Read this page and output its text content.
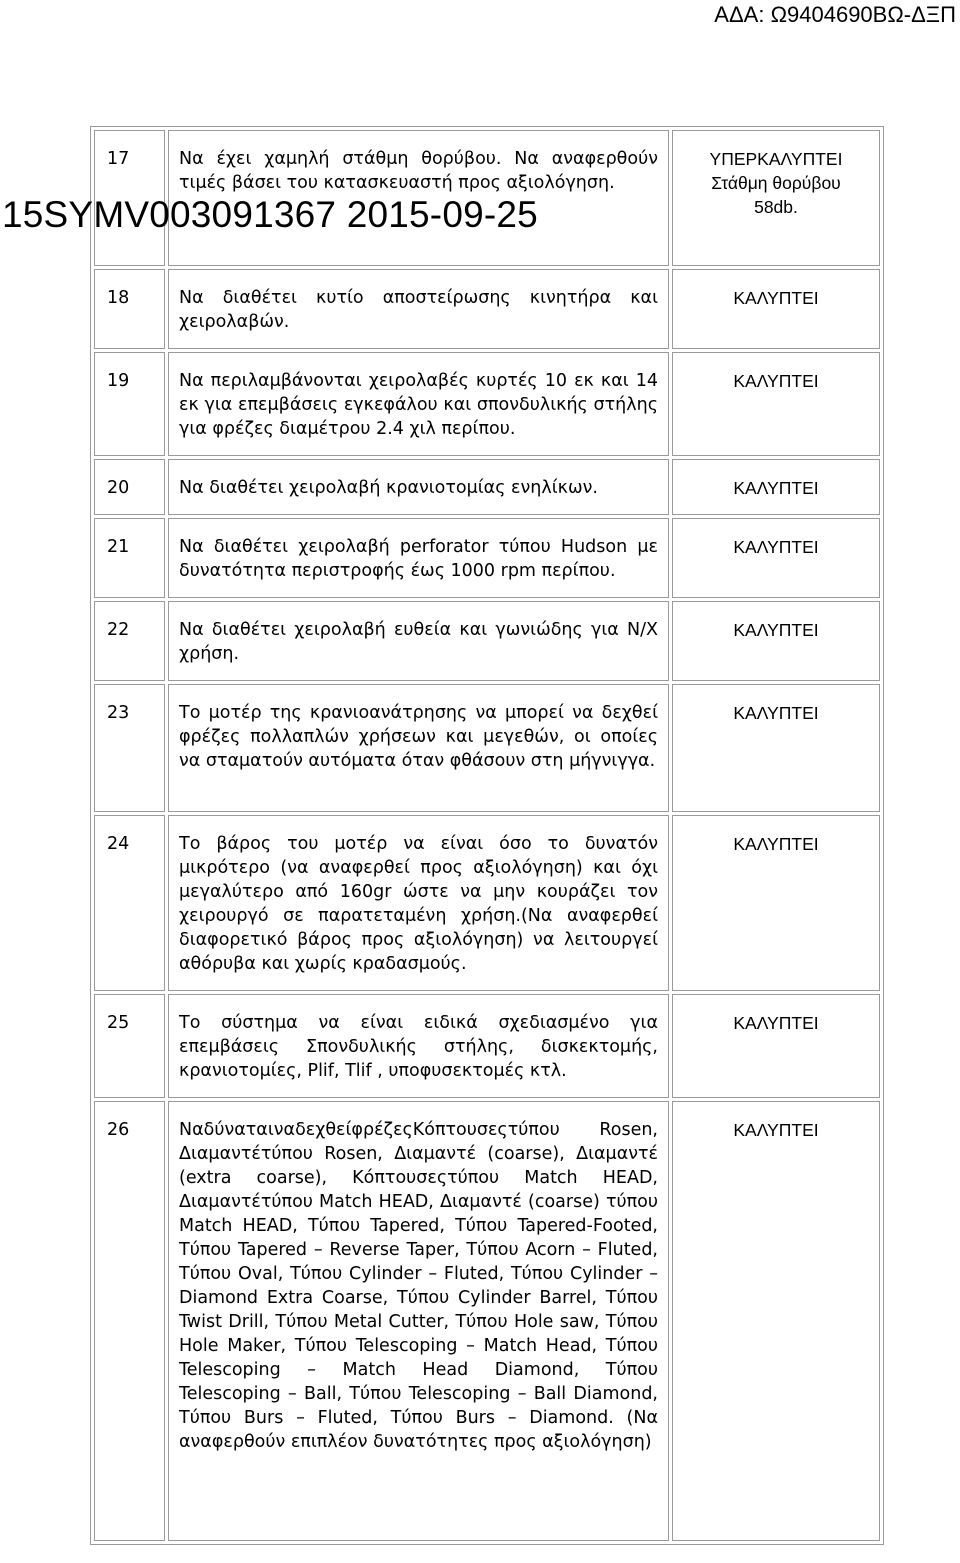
ΑΔΑ: Ω9404690ΒΩ-ΔΞΠ
15SYMV003091367 2015-09-25
17	Να έχει χαμηλή στάθμη θορύβου. Να αναφερθούν τιμές βάσει του κατασκευαστή προς αξιολόγηση.	ΥΠΕΡΚΑΛΥΠΤΕΙ
Στάθμη θορύβου
58db.

18	Να διαθέτει κυτίο αποστείρωσης κινητήρα και χειρολαβών.	ΚΑΛΥΠΤΕΙ

19	Να περιλαμβάνονται χειρολαβές κυρτές 10 εκ και 14 εκ για επεμβάσεις εγκεφάλου και σπονδυλικής στήλης για φρέζες διαμέτρου 2.4 χιλ περίπου.	ΚΑΛΥΠΤΕΙ

20	Να διαθέτει χειρολαβή κρανιοτομίας ενηλίκων.	ΚΑΛΥΠΤΕΙ

21	Να διαθέτει χειρολαβή perforator τύπου Hudson με δυνατότητα περιστροφής έως 1000 rpm περίπου.	ΚΑΛΥΠΤΕΙ

22	Να διαθέτει χειρολαβή ευθεία και γωνιώδης για Ν/Χ χρήση.	ΚΑΛΥΠΤΕΙ

23	Το μοτέρ της κρανιοανάτρησης να μπορεί να δεχθεί φρέζες πολλαπλών χρήσεων και μεγεθών, οι οποίες να σταματούν αυτόματα όταν φθάσουν στη μήγνιγγα.	ΚΑΛΥΠΤΕΙ

24	Το βάρος του μοτέρ να είναι όσο το δυνατόν μικρότερο (να αναφερθεί προς αξιολόγηση) και όχι μεγαλύτερο από 160gr ώστε να μην κουράζει τον χειρουργό σε παρατεταμένη χρήση.(Να αναφερθεί διαφορετικό βάρος προς αξιολόγηση) να λειτουργεί αθόρυβα και χωρίς κραδασμούς.	ΚΑΛΥΠΤΕΙ

25	Το σύστημα να είναι ειδικά σχεδιασμένο για επεμβάσεις Σπονδυλικής στήλης, δισκεκτομής, κρανιοτομίες, Plif, Tlif , υποφυσεκτομές κτλ.	ΚΑΛΥΠΤΕΙ

26	ΝαδύναταιναδεχθείφρέζεςΚόπτουσεςτύπου Rosen, Διαμαντέτύπου Rosen, Διαμαντέ (coarse), Διαμαντέ (extra coarse), Κόπτουσεςτύπου Match HEAD, Διαμαντέτύπου Match HEAD, Διαμαντέ (coarse) τύπου Match HEAD, Τύπου Tapered, Τύπου Tapered-Footed, Τύπου Tapered – Reverse Taper, Τύπου Acorn – Fluted, Τύπου Oval, Τύπου Cylinder – Fluted, Τύπου Cylinder – Diamond Extra Coarse, Τύπου Cylinder Barrel, Τύπου Twist Drill, Τύπου Metal Cutter, Τύπου Hole saw, Τύπου Hole Maker, Τύπου Telescoping – Match Head, Τύπου Telescoping – Match Head Diamond, Τύπου Telescoping – Ball, Τύπου Telescoping – Ball Diamond, Τύπου Burs – Fluted, Τύπου Burs – Diamond. (Να αναφερθούν επιπλέον δυνατότητες προς αξιολόγηση)	ΚΑΛΥΠΤΕΙ
